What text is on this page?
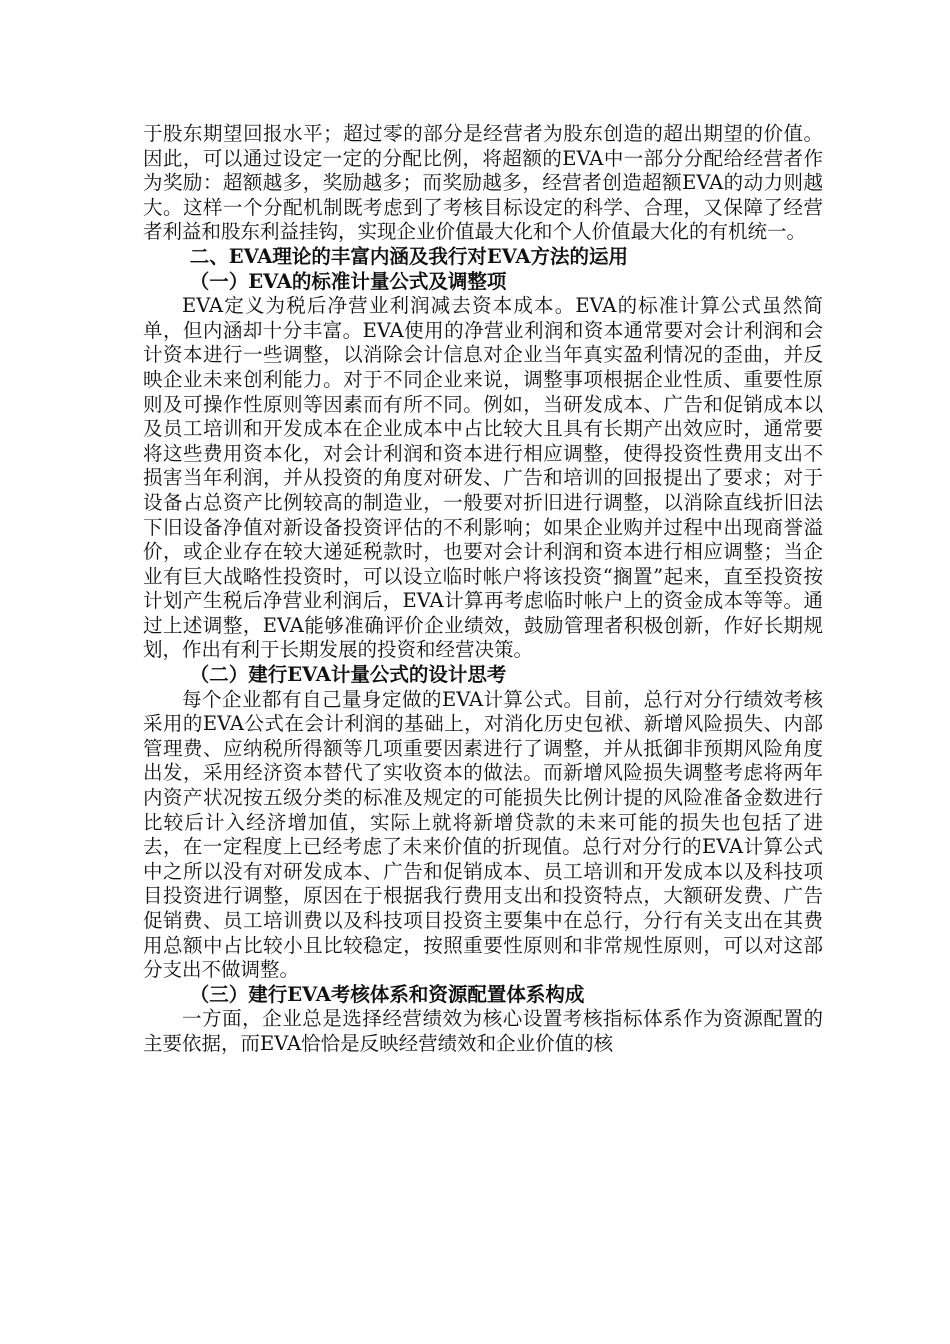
于股东期望回报水平；超过零的部分是经营者为股东创造的超出期望的价值。因此，可以通过设定一定的分配比例，将超额的EVA中一部分分配给经营者作为奖励：超额越多，奖励越多；而奖励越多，经营者创造超额EVA的动力则越大。这样一个分配机制既考虑到了考核目标设定的科学、合理，又保障了经营者利益和股东利益挂钩，实现企业价值最大化和个人价值最大化的有机统一。

二、EVA理论的丰富内涵及我行对EVA方法的运用

（一）EVA的标准计量公式及调整项

EVA定义为税后净营业利润减去资本成本。EVA的标准计算公式虽然简单，但内涵却十分丰富。EVA使用的净营业利润和资本通常要对会计利润和会计资本进行一些调整，以消除会计信息对企业当年真实盈利情况的歪曲，并反映企业未来创利能力。对于不同企业来说，调整事项根据企业性质、重要性原则及可操作性原则等因素而有所不同。例如，当研发成本、广告和促销成本以及员工培训和开发成本在企业成本中占比较大且具有长期产出效应时，通常要将这些费用资本化，对会计利润和资本进行相应调整，使得投资性费用支出不损害当年利润，并从投资的角度对研发、广告和培训的回报提出了要求；对于设备占总资产比例较高的制造业，一般要对折旧进行调整，以消除直线折旧法下旧设备净值对新设备投资评估的不利影响；如果企业购并过程中出现商誉溢价，或企业存在较大递延税款时，也要对会计利润和资本进行相应调整；当企业有巨大战略性投资时，可以设立临时帐户将该投资“搁置”起来，直至投资按计划产生税后净营业利润后，EVA计算再考虑临时帐户上的资金成本等等。通过上述调整，EVA能够准确评价企业绩效，鼓励管理者积极创新，作好长期规划，作出有利于长期发展的投资和经营决策。

（二）建行EVA计量公式的设计思考

每个企业都有自己量身定做的EVA计算公式。目前，总行对分行绩效考核采用的EVA公式在会计利润的基础上，对消化历史包袱、新增风险损失、内部管理费、应纳税所得额等几项重要因素进行了调整，并从抵御非预期风险角度出发，采用经济资本替代了实收资本的做法。而新增风险损失调整考虑将两年内资产状况按五级分类的标准及规定的可能损失比例计提的风险准备金数进行比较后计入经济增加值，实际上就将新增贷款的未来可能的损失也包括了进去，在一定程度上已经考虑了未来价值的折现值。总行对分行的EVA计算公式中之所以没有对研发成本、广告和促销成本、员工培训和开发成本以及科技项目投资进行调整，原因在于根据我行费用支出和投资特点，大额研发费、广告促销费、员工培训费以及科技项目投资主要集中在总行，分行有关支出在其费用总额中占比较小且比较稳定，按照重要性原则和非常规性原则，可以对这部分支出不做调整。

（三）建行EVA考核体系和资源配置体系构成

一方面，企业总是选择经营绩效为核心设置考核指标体系作为资源配置的主要依据，而EVA恰恰是反映经营绩效和企业价值的核
